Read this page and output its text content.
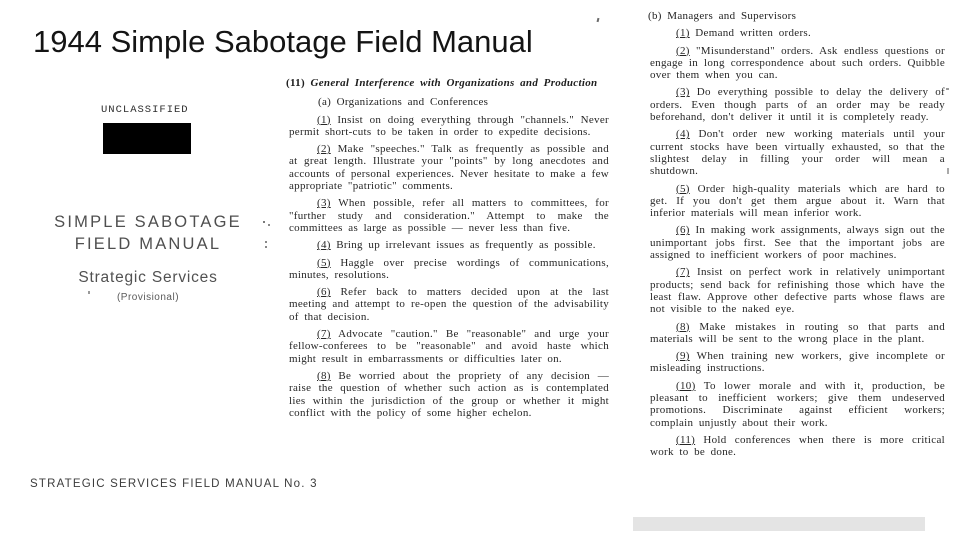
1944 Simple Sabotage Field Manual
UNCLASSIFIED
SIMPLE SABOTAGE
FIELD MANUAL
Strategic Services
(Provisional)
STRATEGIC SERVICES FIELD MANUAL No. 3

(11) General Interference with Organizations and Production

(a) Organizations and Conferences

(1) Insist on doing everything through "channels." Never permit short-cuts to be taken in order to expedite decisions.

(2) Make "speeches." Talk as frequently as possible and at great length. Illustrate your "points" by long anecdotes and accounts of personal experiences. Never hesitate to make a few appropriate "patriotic" comments.

(3) When possible, refer all matters to committees, for "further study and consideration." Attempt to make the committees as large as possible — never less than five.

(4) Bring up irrelevant issues as frequently as possible.

(5) Haggle over precise wordings of communications, minutes, resolutions.

(6) Refer back to matters decided upon at the last meeting and attempt to re-open the question of the advisability of that decision.

(7) Advocate "caution." Be "reasonable" and urge your fellow-conferees to be "reasonable" and avoid haste which might result in embarrassments or difficulties later on.

(8) Be worried about the propriety of any decision — raise the question of whether such action as is contemplated lies within the jurisdiction of the group or whether it might conflict with the policy of some higher echelon.

(b) Managers and Supervisors

(1) Demand written orders.

(2) "Misunderstand" orders. Ask endless questions or engage in long correspondence about such orders. Quibble over them when you can.

(3) Do everything possible to delay the delivery of orders. Even though parts of an order may be ready beforehand, don't deliver it until it is completely ready.

(4) Don't order new working materials until your current stocks have been virtually exhausted, so that the slightest delay in filling your order will mean a shutdown.

(5) Order high-quality materials which are hard to get. If you don't get them argue about it. Warn that inferior materials will mean inferior work.

(6) In making work assignments, always sign out the unimportant jobs first. See that the important jobs are assigned to inefficient workers of poor machines.

(7) Insist on perfect work in relatively unimportant products; send back for refinishing those which have the least flaw. Approve other defective parts whose flaws are not visible to the naked eye.

(8) Make mistakes in routing so that parts and materials will be sent to the wrong place in the plant.

(9) When training new workers, give incomplete or misleading instructions.

(10) To lower morale and with it, production, be pleasant to inefficient workers; give them undeserved promotions. Discriminate against efficient workers; complain unjustly about their work.

(11) Hold conferences when there is more critical work to be done.
